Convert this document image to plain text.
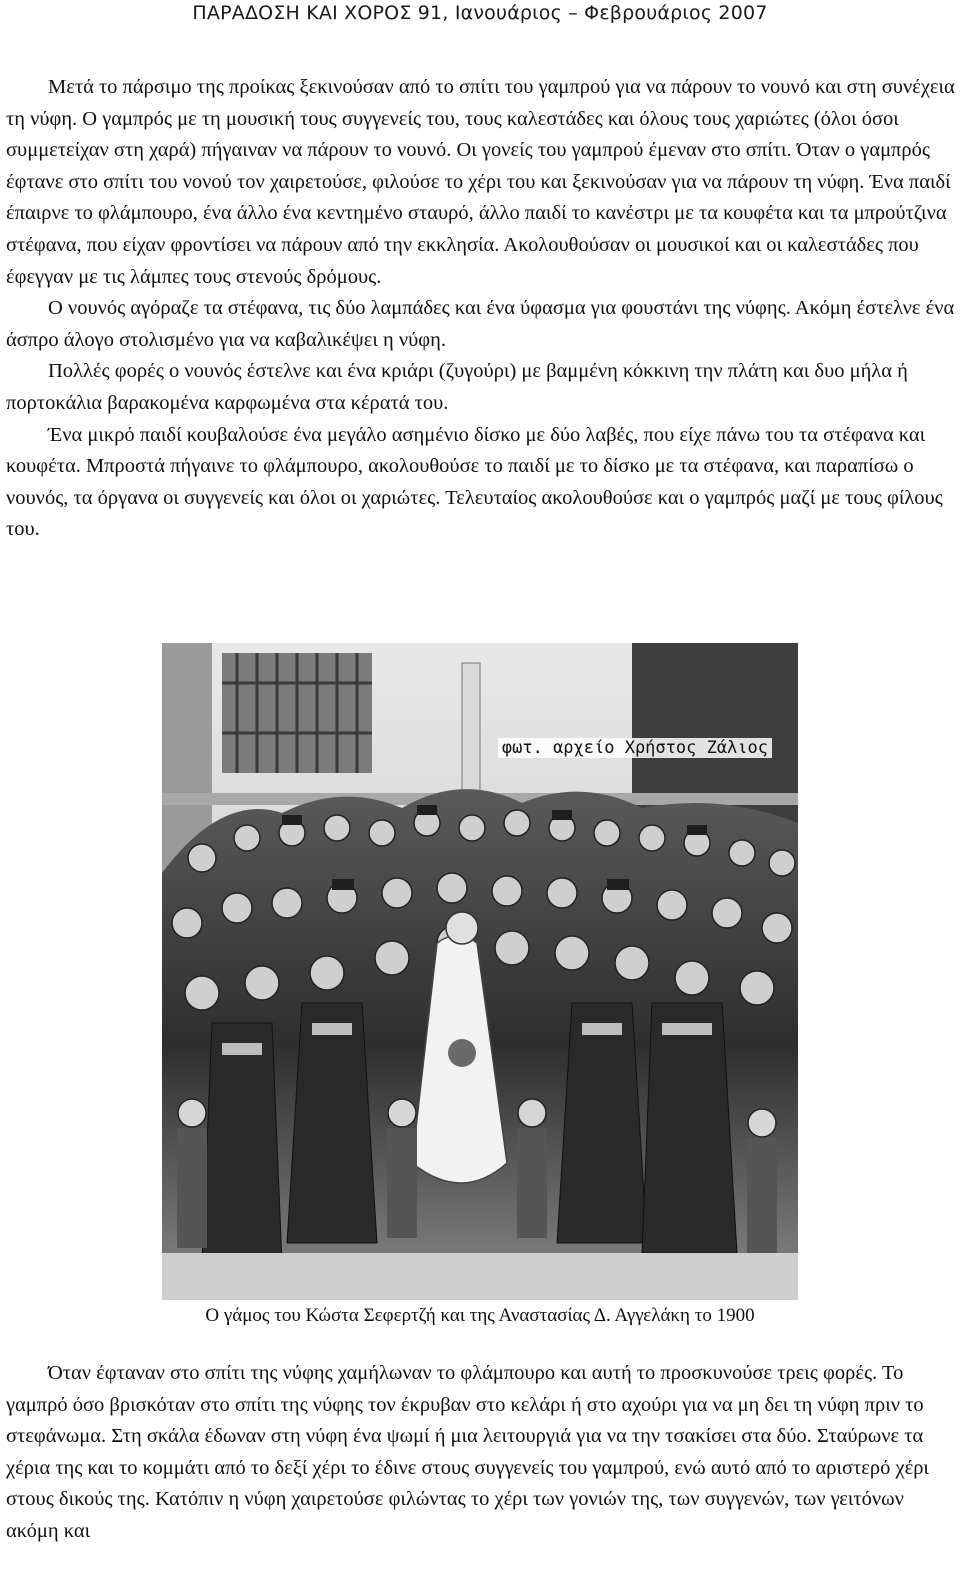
ΠΑΡΑΔΟΣΗ ΚΑΙ ΧΟΡΟΣ 91, Ιανουάριος – Φεβρουάριος 2007

Μετά το πάρσιμο της προίκας ξεκινούσαν από το σπίτι του γαμπρού για να πάρουν το νουνό και στη συνέχεια τη νύφη. Ο γαμπρός με τη μουσική τους συγγενείς του, τους καλεστάδες και όλους τους χαριώτες (όλοι όσοι συμμετείχαν στη χαρά) πήγαιναν να πάρουν το νουνό. Οι γονείς του γαμπρού έμεναν στο σπίτι. Όταν ο γαμπρός έφτανε στο σπίτι του νονού τον χαιρετούσε, φιλούσε το χέρι του και ξεκινούσαν για να πάρουν τη νύφη. Ένα παιδί έπαιρνε το φλάμπουρο, ένα άλλο ένα κεντημένο σταυρό, άλλο παιδί το κανέστρι με τα κουφέτα και τα μπρούτζινα στέφανα, που είχαν φροντίσει να πάρουν από την εκκλησία. Ακολουθούσαν οι μουσικοί και οι καλεστάδες που έφεγγαν με τις λάμπες τους στενούς δρόμους.

Ο νουνός αγόραζε τα στέφανα, τις δύο λαμπάδες και ένα ύφασμα για φουστάνι της νύφης. Ακόμη έστελνε ένα άσπρο άλογο στολισμένο για να καβαλικέψει η νύφη.

Πολλές φορές ο νουνός έστελνε και ένα κριάρι (ζυγούρι) με βαμμένη κόκκινη την πλάτη και δυο μήλα ή πορτοκάλια βαρακομένα καρφωμένα στα κέρατά του.

Ένα μικρό παιδί κουβαλούσε ένα μεγάλο ασημένιο δίσκο με δύο λαβές, που είχε πάνω του τα στέφανα και κουφέτα. Μπροστά πήγαινε το φλάμπουρο, ακολουθούσε το παιδί με το δίσκο με τα στέφανα, και παραπίσω ο νουνός, τα όργανα οι συγγενείς και όλοι οι χαριώτες. Τελευταίος ακολουθούσε και ο γαμπρός μαζί με τους φίλους του.

φωτ. αρχείο Χρήστος Ζάλιος
Ο γάμος του Κώστα Σεφερτζή και της Αναστασίας Δ. Αγγελάκη το 1900

Όταν έφταναν στο σπίτι της νύφης χαμήλωναν το φλάμπουρο και αυτή το προσκυνούσε τρεις φορές. Το γαμπρό όσο βρισκόταν στο σπίτι της νύφης τον έκρυβαν στο κελάρι ή στο αχούρι για να μη δει τη νύφη πριν το στεφάνωμα. Στη σκάλα έδωναν στη νύφη ένα ψωμί ή μια λειτουργιά για να την τσακίσει στα δύο. Σταύρωνε τα χέρια της και το κομμάτι από το δεξί χέρι το έδινε στους συγγενείς του γαμπρού, ενώ αυτό από το αριστερό χέρι στους δικούς της. Κατόπιν η νύφη χαιρετούσε φιλώντας το χέρι των γονιών της, των συγγενών, των γειτόνων ακόμη και
